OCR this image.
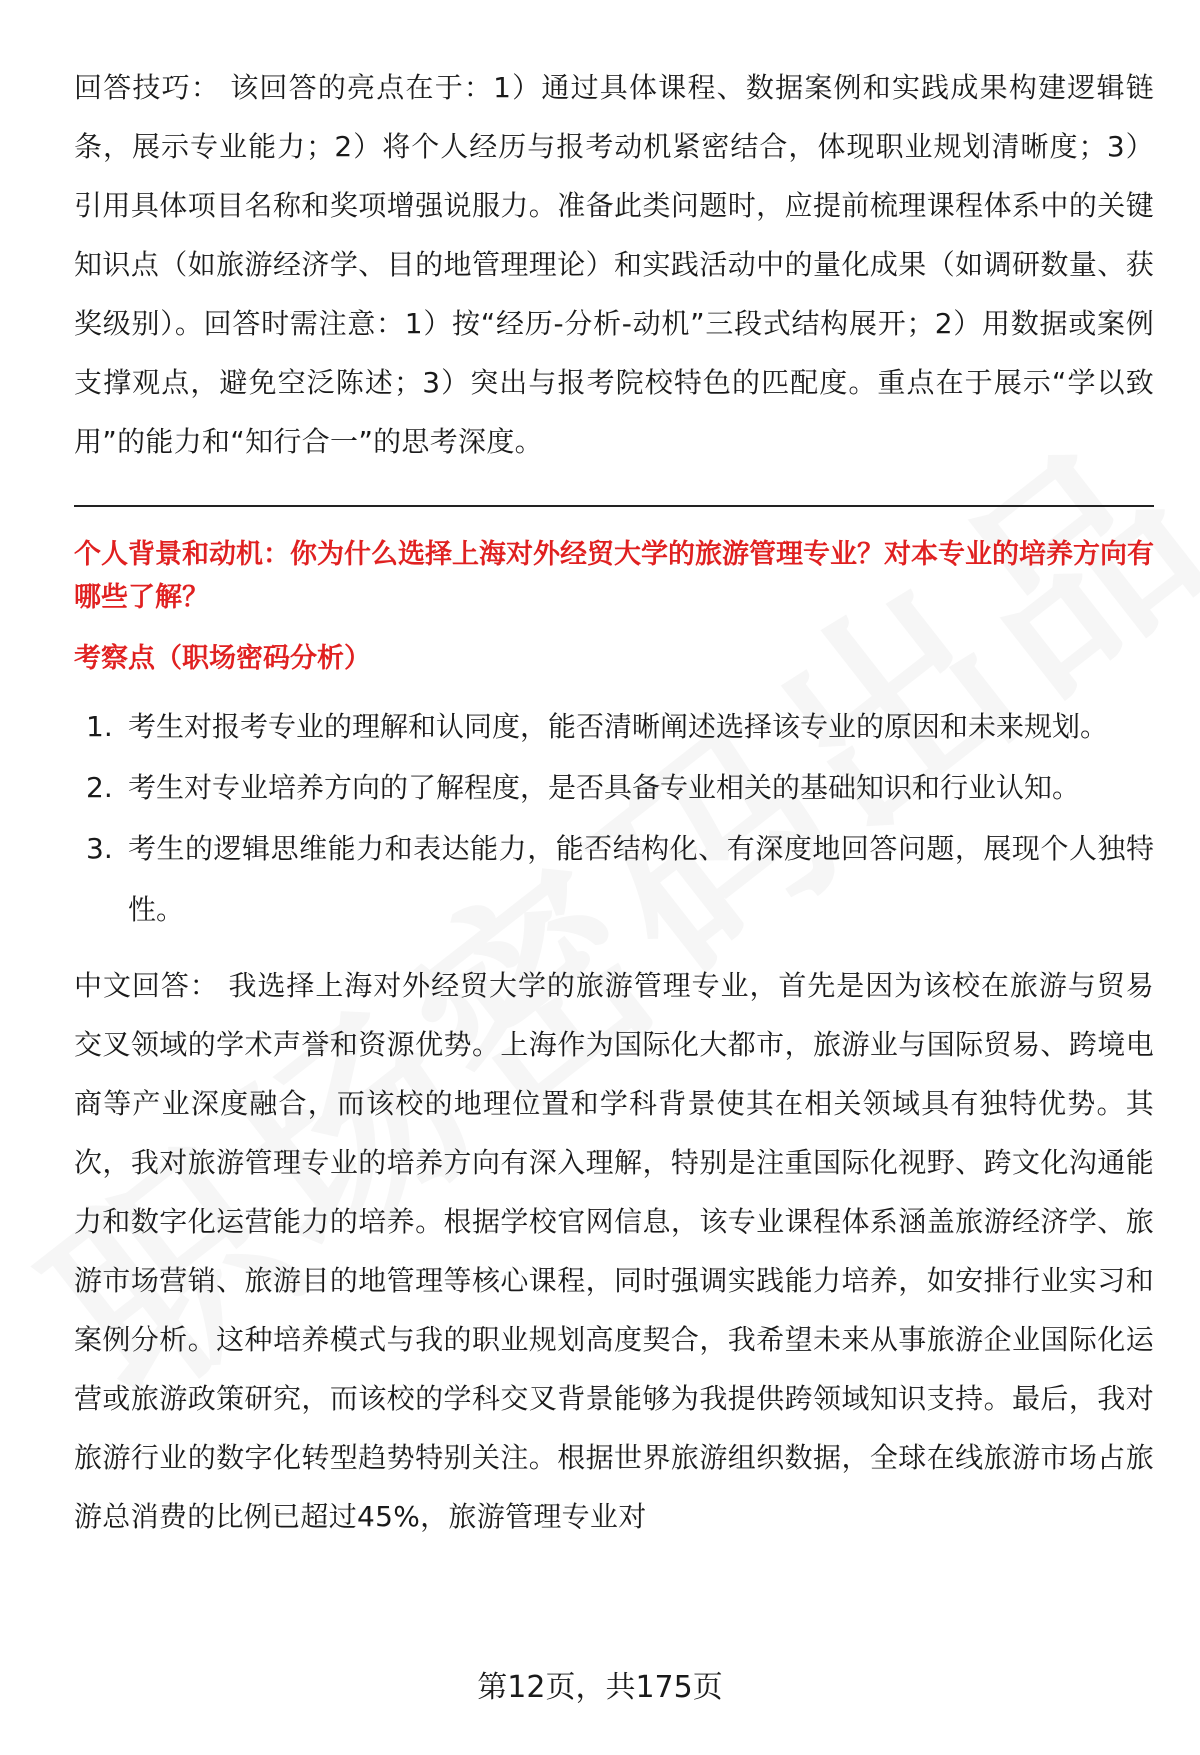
回答技巧： 该回答的亮点在于：1）通过具体课程、数据案例和实践成果构建逻辑链条，展示专业能力；2）将个人经历与报考动机紧密结合，体现职业规划清晰度；3）引用具体项目名称和奖项增强说服力。准备此类问题时，应提前梳理课程体系中的关键知识点（如旅游经济学、目的地管理理论）和实践活动中的量化成果（如调研数量、获奖级别）。回答时需注意：1）按“经历-分析-动机”三段式结构展开；2）用数据或案例支撑观点，避免空泛陈述；3）突出与报考院校特色的匹配度。重点在于展示“学以致用”的能力和“知行合一”的思考深度。

个人背景和动机：你为什么选择上海对外经贸大学的旅游管理专业？对本专业的培养方向有哪些了解？

考察点（职场密码分析）

1. 考生对报考专业的理解和认同度，能否清晰阐述选择该专业的原因和未来规划。
2. 考生对专业培养方向的了解程度，是否具备专业相关的基础知识和行业认知。
3. 考生的逻辑思维能力和表达能力，能否结构化、有深度地回答问题，展现个人独特性。

中文回答： 我选择上海对外经贸大学的旅游管理专业，首先是因为该校在旅游与贸易交叉领域的学术声誉和资源优势。上海作为国际化大都市，旅游业与国际贸易、跨境电商等产业深度融合，而该校的地理位置和学科背景使其在相关领域具有独特优势。其次，我对旅游管理专业的培养方向有深入理解，特别是注重国际化视野、跨文化沟通能力和数字化运营能力的培养。根据学校官网信息，该专业课程体系涵盖旅游经济学、旅游市场营销、旅游目的地管理等核心课程，同时强调实践能力培养，如安排行业实习和案例分析。这种培养模式与我的职业规划高度契合，我希望未来从事旅游企业国际化运营或旅游政策研究，而该校的学科交叉背景能够为我提供跨领域知识支持。最后，我对旅游行业的数字化转型趋势特别关注。根据世界旅游组织数据，全球在线旅游市场占旅游总消费的比例已超过45%，旅游管理专业对

第12页，共175页
